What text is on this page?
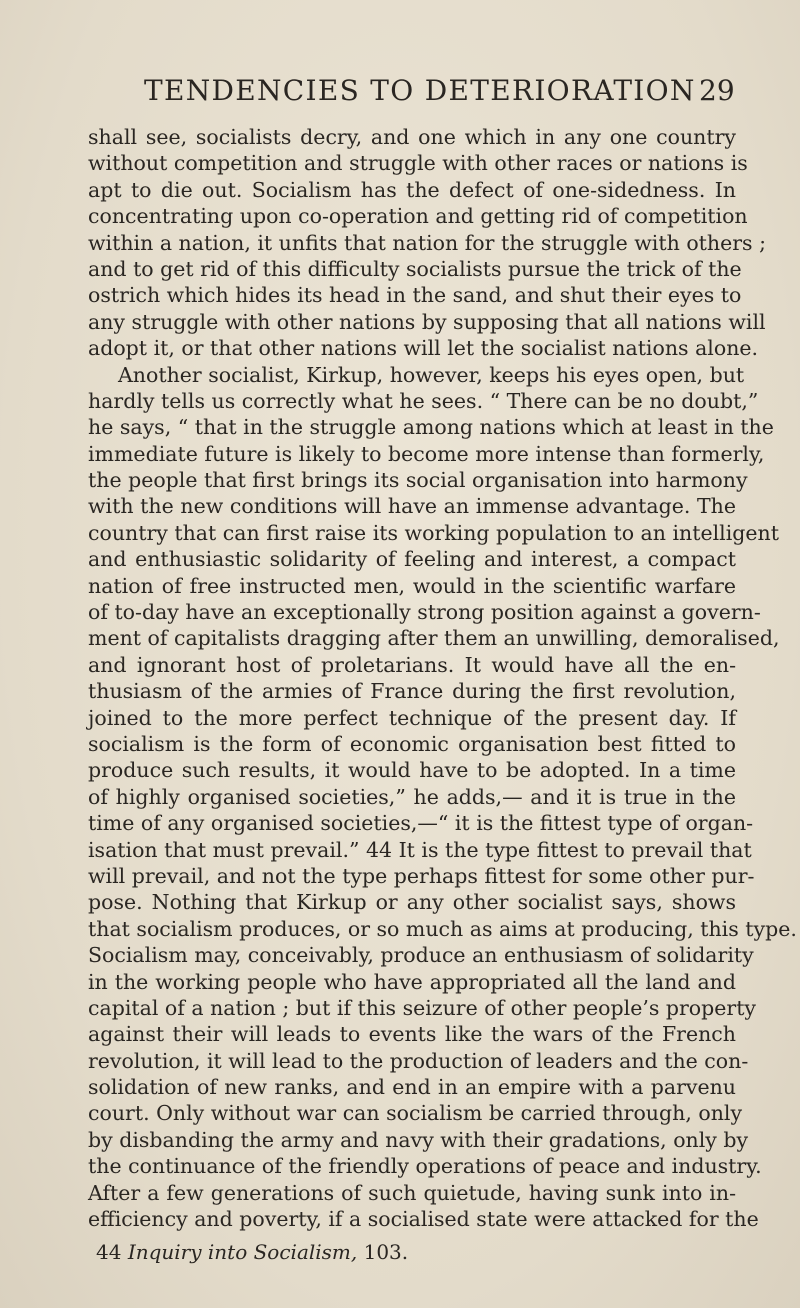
TENDENCIES TO DETERIORATION 29
shall see, socialists decry, and one which in any one country
without competition and struggle with other races or nations is
apt to die out. Socialism has the defect of one-sidedness. In
concentrating upon co-operation and getting rid of competition
within a nation, it unfits that nation for the struggle with others ;
and to get rid of this difficulty socialists pursue the trick of the
ostrich which hides its head in the sand, and shut their eyes to
any struggle with other nations by supposing that all nations will
adopt it, or that other nations will let the socialist nations alone.
Another socialist, Kirkup, however, keeps his eyes open, but
hardly tells us correctly what he sees. “ There can be no doubt,”
he says, “ that in the struggle among nations which at least in the
immediate future is likely to become more intense than formerly,
the people that first brings its social organisation into harmony
with the new conditions will have an immense advantage. The
country that can first raise its working population to an intelligent
and enthusiastic solidarity of feeling and interest, a compact
nation of free instructed men, would in the scientific warfare
of to-day have an exceptionally strong position against a govern-
ment of capitalists dragging after them an unwilling, demoralised,
and ignorant host of proletarians. It would have all the en-
thusiasm of the armies of France during the first revolution,
joined to the more perfect technique of the present day. If
socialism is the form of economic organisation best fitted to
produce such results, it would have to be adopted. In a time
of highly organised societies,” he adds,— and it is true in the
time of any organised societies,—“ it is the fittest type of organ-
isation that must prevail.” 44 It is the type fittest to prevail that
will prevail, and not the type perhaps fittest for some other pur-
pose. Nothing that Kirkup or any other socialist says, shows
that socialism produces, or so much as aims at producing, this type.
Socialism may, conceivably, produce an enthusiasm of solidarity
in the working people who have appropriated all the land and
capital of a nation ; but if this seizure of other people’s property
against their will leads to events like the wars of the French
revolution, it will lead to the production of leaders and the con-
solidation of new ranks, and end in an empire with a parvenu
court. Only without war can socialism be carried through, only
by disbanding the army and navy with their gradations, only by
the continuance of the friendly operations of peace and industry.
After a few generations of such quietude, having sunk into in-
efficiency and poverty, if a socialised state were attacked for the
44 Inquiry into Socialism, 103.
